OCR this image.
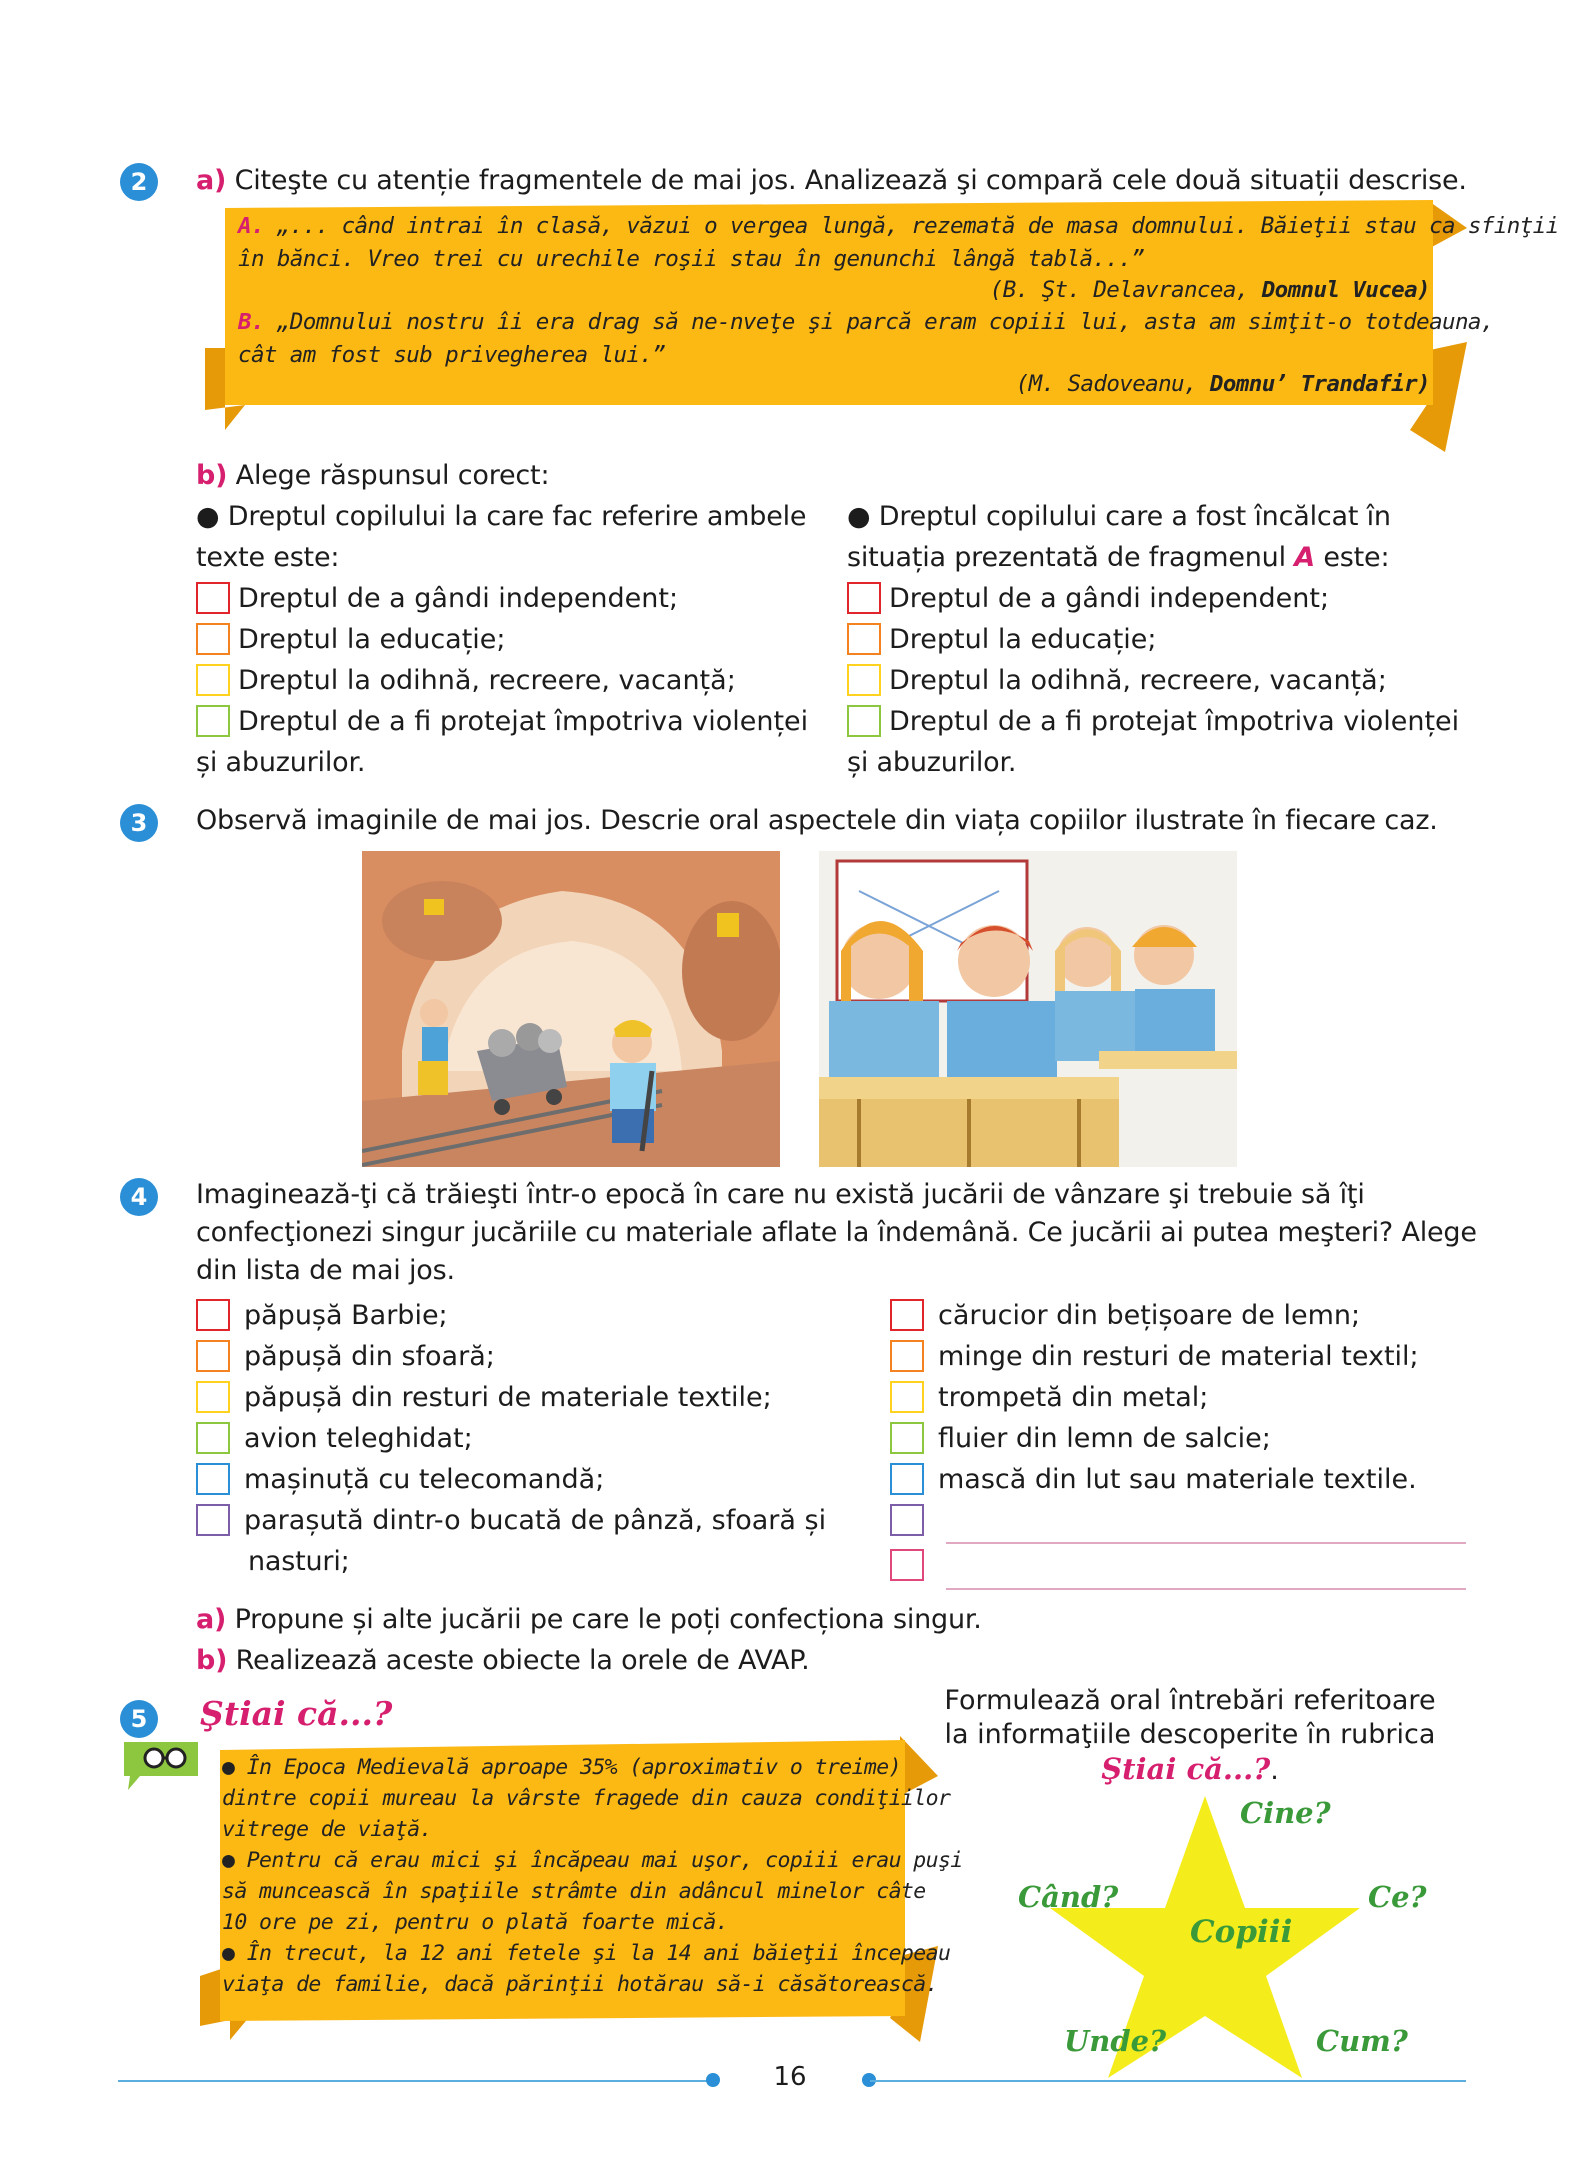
2	a) Citeşte cu atenție fragmentele de mai jos. Analizează şi compară cele două situații descrise.
A. „... când intrai în clasă, văzui o vergea lungă, rezemată de masa domnului. Băieţii stau ca sfinţii
în bănci. Vreo trei cu urechile roşii stau în genunchi lângă tablă...”
(B. Şt. Delavrancea, Domnul Vucea)
B. „Domnului nostru îi era drag să ne-nveţe şi parcă eram copiii lui, asta am simţit-o totdeauna,
cât am fost sub privegherea lui.”
(M. Sadoveanu, Domnu’ Trandafir)
b) Alege răspunsul corect:
● Dreptul copilului la care fac referire ambele
texte este:
Dreptul de a gândi independent;
Dreptul la educație;
Dreptul la odihnă, recreere, vacanță;
Dreptul de a fi protejat împotriva violenței
și abuzurilor.
● Dreptul copilului care a fost încălcat în
situația prezentată de fragmenul A este:
Dreptul de a gândi independent;
Dreptul la educație;
Dreptul la odihnă, recreere, vacanță;
Dreptul de a fi protejat împotriva violenței
și abuzurilor.
3	Observă imaginile de mai jos. Descrie oral aspectele din viața copiilor ilustrate în fiecare caz.
4	Imaginează-ţi că trăieşti într-o epocă în care nu există jucării de vânzare şi trebuie să îţi
confecţionezi singur jucăriile cu materiale aflate la îndemână. Ce jucării ai putea meşteri? Alege
din lista de mai jos.
păpușă Barbie;
păpușă din sfoară;
păpușă din resturi de materiale textile;
avion teleghidat;
mașinuță cu telecomandă;
parașută dintr-o bucată de pânză, sfoară și
nasturi;
cărucior din bețișoare de lemn;
minge din resturi de material textil;
trompetă din metal;
fluier din lemn de salcie;
mască din lut sau materiale textile.
a) Propune și alte jucării pe care le poți confecționa singur.
b) Realizează aceste obiecte la orele de AVAP.
5	Ştiai că...?
● În Epoca Medievală aproape 35% (aproximativ o treime)
dintre copii mureau la vârste fragede din cauza condiţiilor
vitrege de viaţă.
● Pentru că erau mici şi încăpeau mai uşor, copiii erau puşi
să muncească în spaţiile strâmte din adâncul minelor câte
10 ore pe zi, pentru o plată foarte mică.
● În trecut, la 12 ani fetele şi la 14 ani băieţii începeau
viaţa de familie, dacă părinţii hotărau să-i căsătorească.
Formulează oral întrebări referitoare
la informaţiile descoperite în rubrica
Ştiai că...?.
Copiii
Cine?
Când?	Ce?
Unde?	Cum?
16
